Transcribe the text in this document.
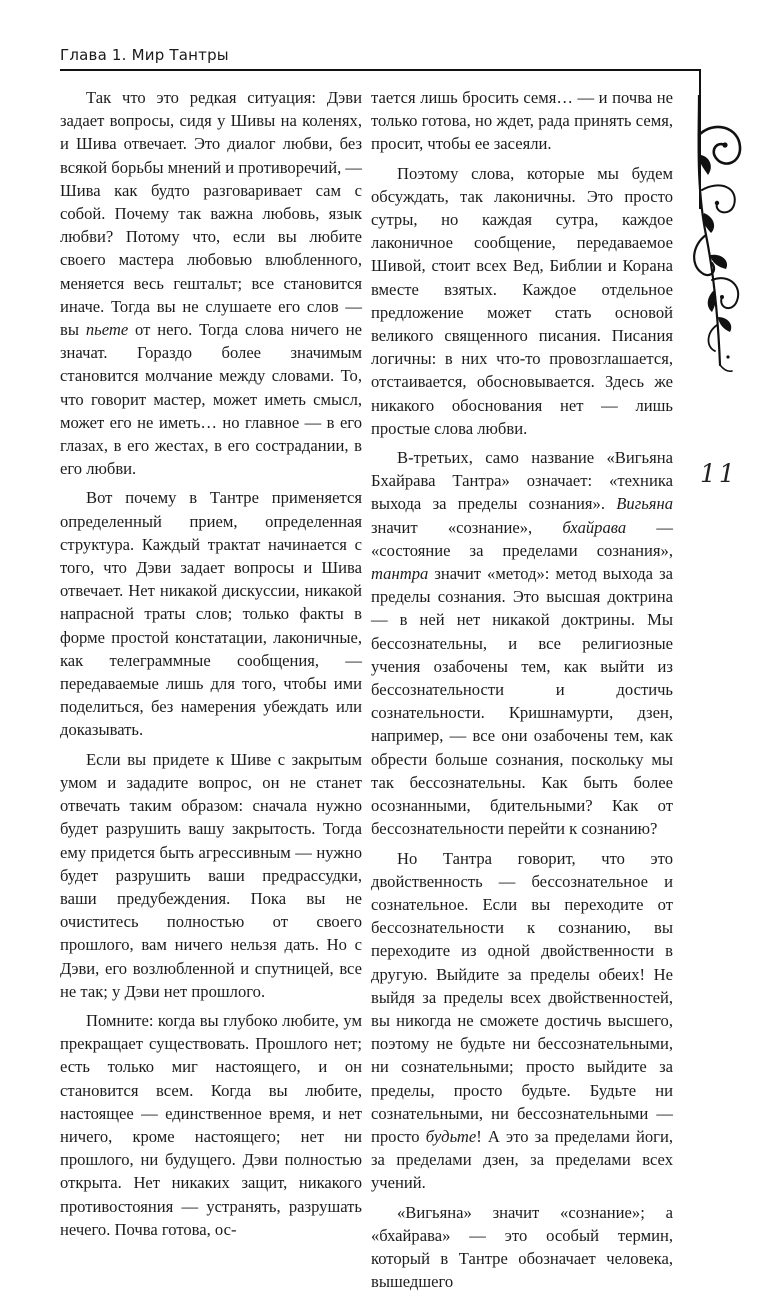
Глава 1. Мир Тантры
11

Так что это редкая ситуация: Дэви задает вопросы, сидя у Шивы на коленях, и Шива отвечает. Это диалог любви, без всякой борьбы мнений и противоречий, — Шива как будто разговаривает сам с собой. Почему так важна любовь, язык любви? Потому что, если вы любите своего мастера любовью влюбленного, меняется весь гештальт; все становится иначе. Тогда вы не слушаете его слов — вы пьете от него. Тогда слова ничего не значат. Гораздо более значимым становится молчание между словами. То, что говорит мастер, может иметь смысл, может его не иметь… но главное — в его глазах, в его жестах, в его сострадании, в его любви.

Вот почему в Тантре применяется определенный прием, определенная структура. Каждый трактат начинается с того, что Дэви задает вопросы и Шива отвечает. Нет никакой дискуссии, никакой напрасной траты слов; только факты в форме простой констатации, лаконичные, как телеграммные сообщения, — передаваемые лишь для того, чтобы ими поделиться, без намерения убеждать или доказывать.

Если вы придете к Шиве с закрытым умом и зададите вопрос, он не станет отвечать таким образом: сначала нужно будет разрушить вашу закрытость. Тогда ему придется быть агрессивным — нужно будет разрушить ваши предрассудки, ваши предубеждения. Пока вы не очиститесь полностью от своего прошлого, вам ничего нельзя дать. Но с Дэви, его возлюбленной и спутницей, все не так; у Дэви нет прошлого.

Помните: когда вы глубоко любите, ум прекращает существовать. Прошлого нет; есть только миг настоящего, и он становится всем. Когда вы любите, настоящее — единственное время, и нет ничего, кроме настоящего; нет ни прошлого, ни будущего. Дэви полностью открыта. Нет никаких защит, никакого противостояния — устранять, разрушать нечего. Почва готова, ос-

тается лишь бросить семя… — и почва не только готова, но ждет, рада принять семя, просит, чтобы ее засеяли.

Поэтому слова, которые мы будем обсуждать, так лаконичны. Это просто сутры, но каждая сутра, каждое лаконичное сообщение, передаваемое Шивой, стоит всех Вед, Библии и Корана вместе взятых. Каждое отдельное предложение может стать основой великого священного писания. Писания логичны: в них что-то провозглашается, отстаивается, обосновывается. Здесь же никакого обоснования нет — лишь простые слова любви.

В-третьих, само название «Вигьяна Бхайрава Тантра» означает: «техника выхода за пределы сознания». Вигьяна значит «сознание», бхайрава — «состояние за пределами сознания», тантра значит «метод»: метод выхода за пределы сознания. Это высшая доктрина — в ней нет никакой доктрины. Мы бессознательны, и все религиозные учения озабочены тем, как выйти из бессознательности и достичь сознательности. Кришнамурти, дзен, например, — все они озабочены тем, как обрести больше сознания, поскольку мы так бессознательны. Как быть более осознанными, бдительными? Как от бессознательности перейти к сознанию?

Но Тантра говорит, что это двойственность — бессознательное и сознательное. Если вы переходите от бессознательности к сознанию, вы переходите из одной двойственности в другую. Выйдите за пределы обеих! Не выйдя за пределы всех двойственностей, вы никогда не сможете достичь высшего, поэтому не будьте ни бессознательными, ни сознательными; просто выйдите за пределы, просто будьте. Будьте ни сознательными, ни бессознательными — просто будьте! А это за пределами йоги, за пределами дзен, за пределами всех учений.

«Вигьяна» значит «сознание»; а «бхайрава» — это особый термин, который в Тантре обозначает человека, вышедшего
